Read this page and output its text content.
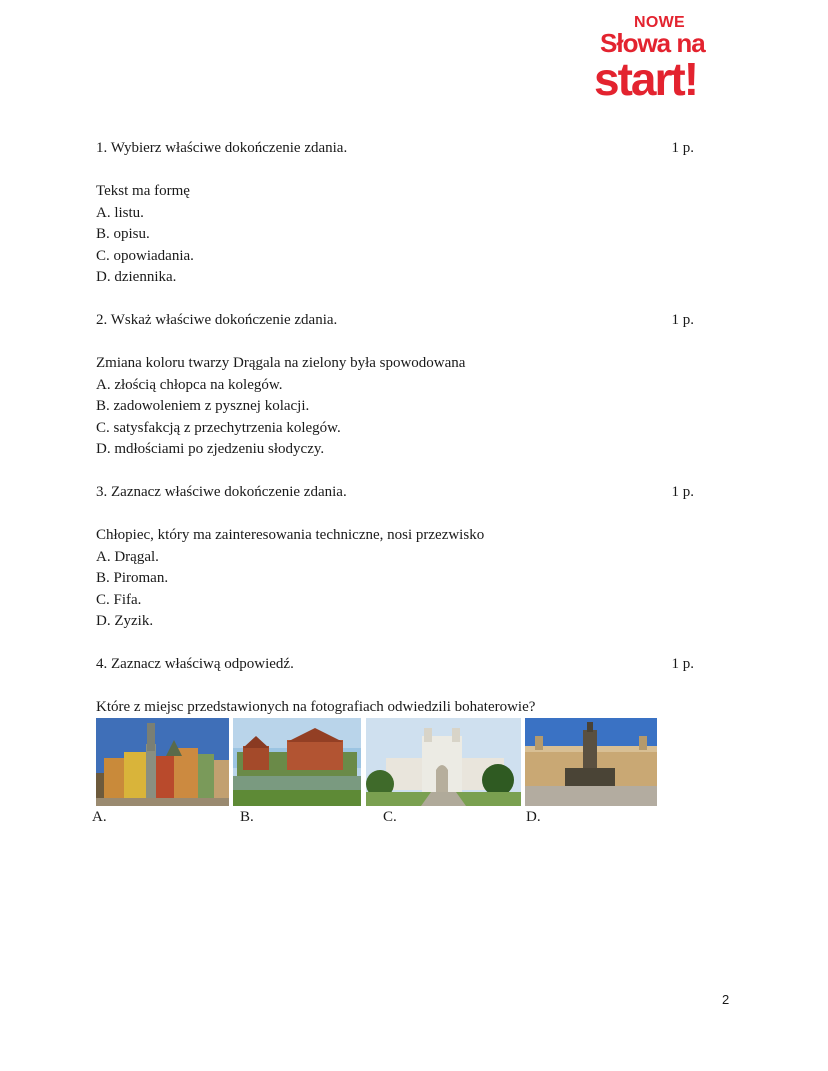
NOWE
Słowa na
start!
1. Wybierz właściwe dokończenie zdania.	1 p.
Tekst ma formę
A. listu.
B. opisu.
C. opowiadania.
D. dziennika.
2. Wskaż właściwe dokończenie zdania.	1 p.
Zmiana koloru twarzy Drągala na zielony była spowodowana
A. złością chłopca na kolegów.
B. zadowoleniem z pysznej kolacji.
C. satysfakcją z przechytrzenia kolegów.
D. mdłościami po zjedzeniu słodyczy.
3. Zaznacz właściwe dokończenie zdania.	1 p.
Chłopiec, który ma zainteresowania techniczne, nosi przezwisko
A. Drągal.
B. Piroman.
C. Fifa.
D. Zyzik.
4. Zaznacz właściwą odpowiedź.	1 p.
Które z miejsc przedstawionych na fotografiach odwiedzili bohaterowie?
A.	B.	C.	D.
2
